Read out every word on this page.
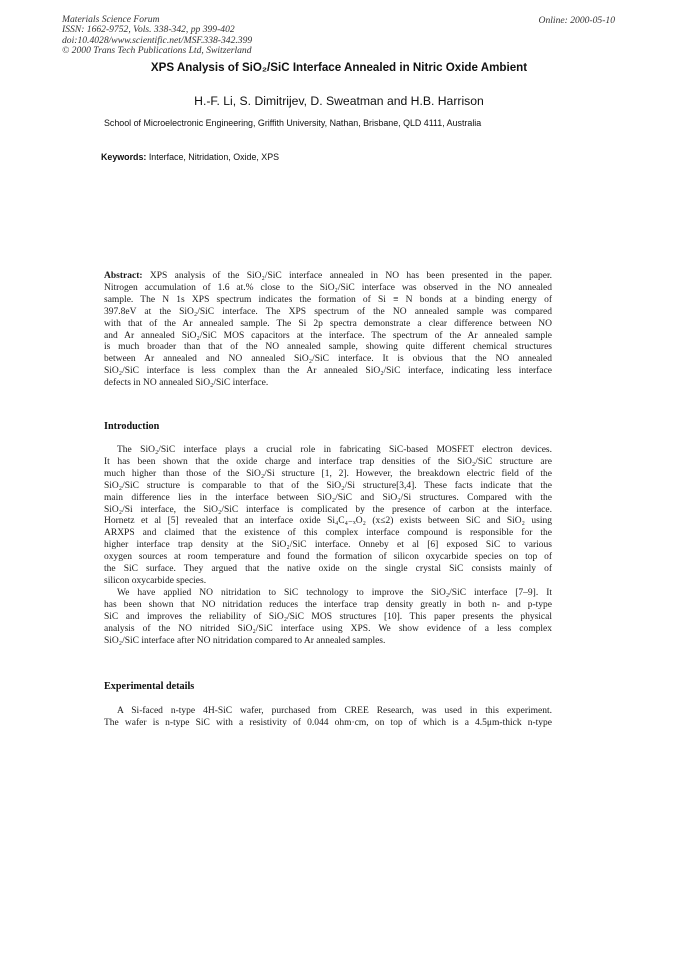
Materials Science Forum
ISSN: 1662-9752, Vols. 338-342, pp 399-402
doi:10.4028/www.scientific.net/MSF.338-342.399
© 2000 Trans Tech Publications Ltd, Switzerland
Online: 2000-05-10
XPS Analysis of SiO₂/SiC Interface Annealed in Nitric Oxide Ambient
H.-F. Li, S. Dimitrijev, D. Sweatman and H.B. Harrison
School of Microelectronic Engineering, Griffith University, Nathan, Brisbane, QLD 4111, Australia
Keywords: Interface, Nitridation, Oxide, XPS
Abstract: XPS analysis of the SiO₂/SiC interface annealed in NO has been presented in the paper.
Nitrogen accumulation of 1.6 at.% close to the SiO₂/SiC interface was observed in the NO annealed
sample. The N 1s XPS spectrum indicates the formation of Si ≡ N bonds at a binding energy of
397.8eV at the SiO₂/SiC interface. The XPS spectrum of the NO annealed sample was compared
with that of the Ar annealed sample. The Si 2p spectra demonstrate a clear difference between NO
and Ar annealed SiO₂/SiC MOS capacitors at the interface. The spectrum of the Ar annealed sample
is much broader than that of the NO annealed sample, showing quite different chemical structures
between Ar annealed and NO annealed SiO₂/SiC interface. It is obvious that the NO annealed
SiO₂/SiC interface is less complex than the Ar annealed SiO₂/SiC interface, indicating less interface
defects in NO annealed SiO₂/SiC interface.
Introduction
The SiO₂/SiC interface plays a crucial role in fabricating SiC-based MOSFET electron devices.
It has been shown that the oxide charge and interface trap densities of the SiO₂/SiC structure are
much higher than those of the SiO₂/Si structure [1, 2]. However, the breakdown electric field of the
SiO₂/SiC structure is comparable to that of the SiO₂/Si structure[3,4]. These facts indicate that the
main difference lies in the interface between SiO₂/SiC and SiO₂/Si structures. Compared with the
SiO₂/Si interface, the SiO₂/SiC interface is complicated by the presence of carbon at the interface.
Hornetz et al [5] revealed that an interface oxide Si₄C₄₋ₓO₂ (x≤2) exists between SiC and SiO₂ using
ARXPS and claimed that the existence of this complex interface compound is responsible for the
higher interface trap density at the SiO₂/SiC interface. Onneby et al [6] exposed SiC to various
oxygen sources at room temperature and found the formation of silicon oxycarbide species on top of
the SiC surface. They argued that the native oxide on the single crystal SiC consists mainly of
silicon oxycarbide species.
We have applied NO nitridation to SiC technology to improve the SiO₂/SiC interface [7–9]. It
has been shown that NO nitridation reduces the interface trap density greatly in both n- and p-type
SiC and improves the reliability of SiO₂/SiC MOS structures [10]. This paper presents the physical
analysis of the NO nitrided SiO₂/SiC interface using XPS. We show evidence of a less complex
SiO₂/SiC interface after NO nitridation compared to Ar annealed samples.
Experimental details
A Si-faced n-type 4H-SiC wafer, purchased from CREE Research, was used in this experiment.
The wafer is n-type SiC with a resistivity of 0.044 ohm·cm, on top of which is a 4.5μm-thick n-type
